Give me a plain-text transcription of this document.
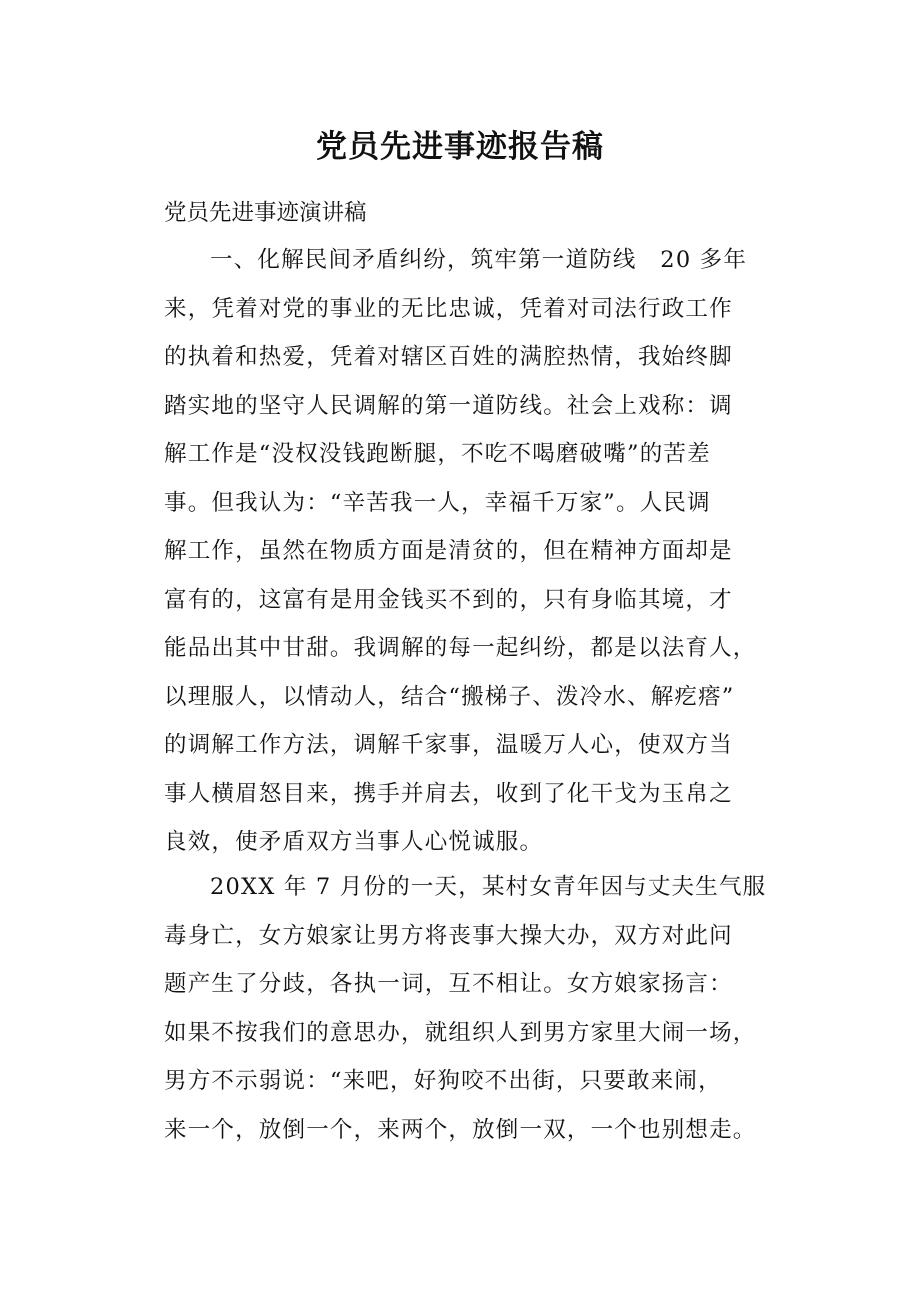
党员先进事迹报告稿

党员先进事迹演讲稿

一、化解民间矛盾纠纷，筑牢第一道防线　20 多年
来，凭着对党的事业的无比忠诚，凭着对司法行政工作
的执着和热爱，凭着对辖区百姓的满腔热情，我始终脚
踏实地的坚守人民调解的第一道防线。社会上戏称：调
解工作是“没权没钱跑断腿，不吃不喝磨破嘴”的苦差
事。但我认为：“辛苦我一人，幸福千万家”。人民调
解工作，虽然在物质方面是清贫的，但在精神方面却是
富有的，这富有是用金钱买不到的，只有身临其境，才
能品出其中甘甜。我调解的每一起纠纷，都是以法育人，
以理服人，以情动人，结合“搬梯子、泼冷水、解疙瘩”
的调解工作方法，调解千家事，温暖万人心，使双方当
事人横眉怒目来，携手并肩去，收到了化干戈为玉帛之
良效，使矛盾双方当事人心悦诚服。
20XX 年 7 月份的一天，某村女青年因与丈夫生气服
毒身亡，女方娘家让男方将丧事大操大办，双方对此问
题产生了分歧，各执一词，互不相让。女方娘家扬言：
如果不按我们的意思办，就组织人到男方家里大闹一场，
男方不示弱说：“来吧，好狗咬不出街，只要敢来闹，
来一个，放倒一个，来两个，放倒一双，一个也别想走。
